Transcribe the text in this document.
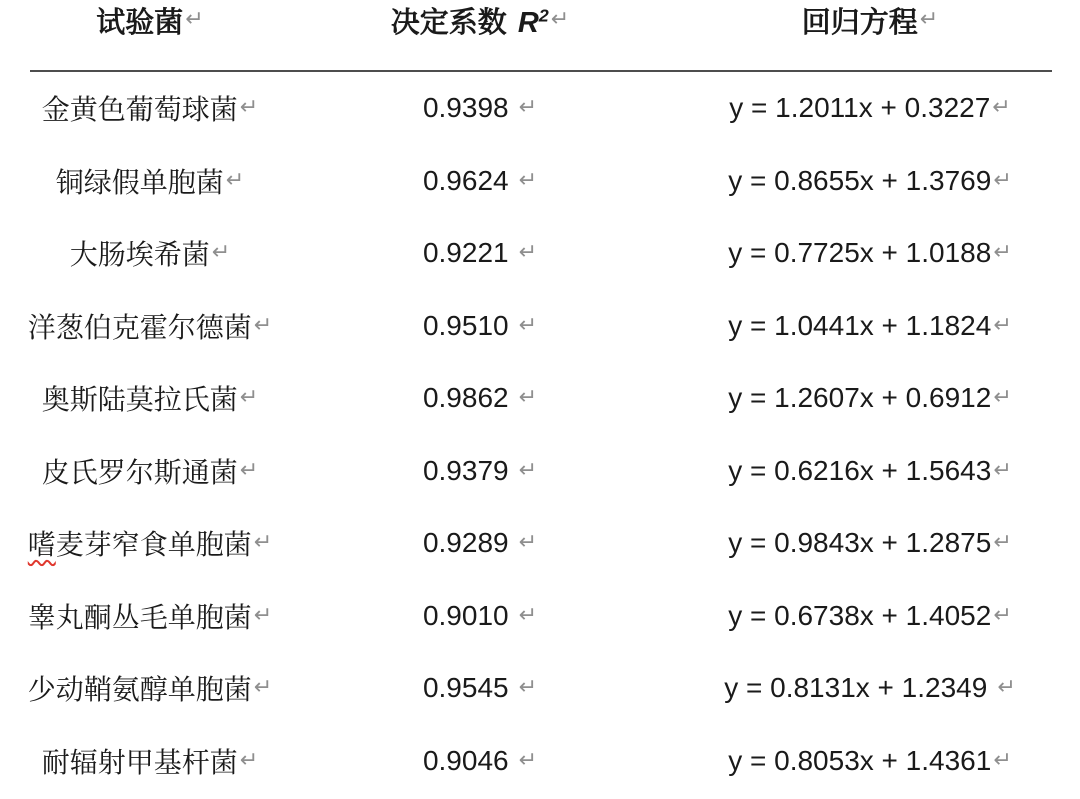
试验菌 ↵	决定系数 $R^2$ ↵	回归方程 ↵
金黄色葡萄球菌 ↵	0.9398 ↵	y = 1.2011x + 0.3227 ↵
铜绿假单胞菌 ↵	0.9624 ↵	y = 0.8655x + 1.3769 ↵
大肠埃希菌 ↵	0.9221 ↵	y = 0.7725x + 1.0188 ↵
洋葱伯克霍尔德菌 ↵	0.9510 ↵	y = 1.0441x + 1.1824 ↵
奥斯陆莫拉氏菌 ↵	0.9862 ↵	y = 1.2607x + 0.6912 ↵
皮氏罗尔斯通菌 ↵	0.9379 ↵	y = 0.6216x + 1.5643 ↵
嗜麦芽窄食单胞菌 ↵	0.9289 ↵	y = 0.9843x + 1.2875 ↵
睾丸酮丛毛单胞菌 ↵	0.9010 ↵	y = 0.6738x + 1.4052 ↵
少动鞘氨醇单胞菌 ↵	0.9545 ↵	y = 0.8131x + 1.2349 ↵
耐辐射甲基杆菌 ↵	0.9046 ↵	y = 0.8053x + 1.4361 ↵
